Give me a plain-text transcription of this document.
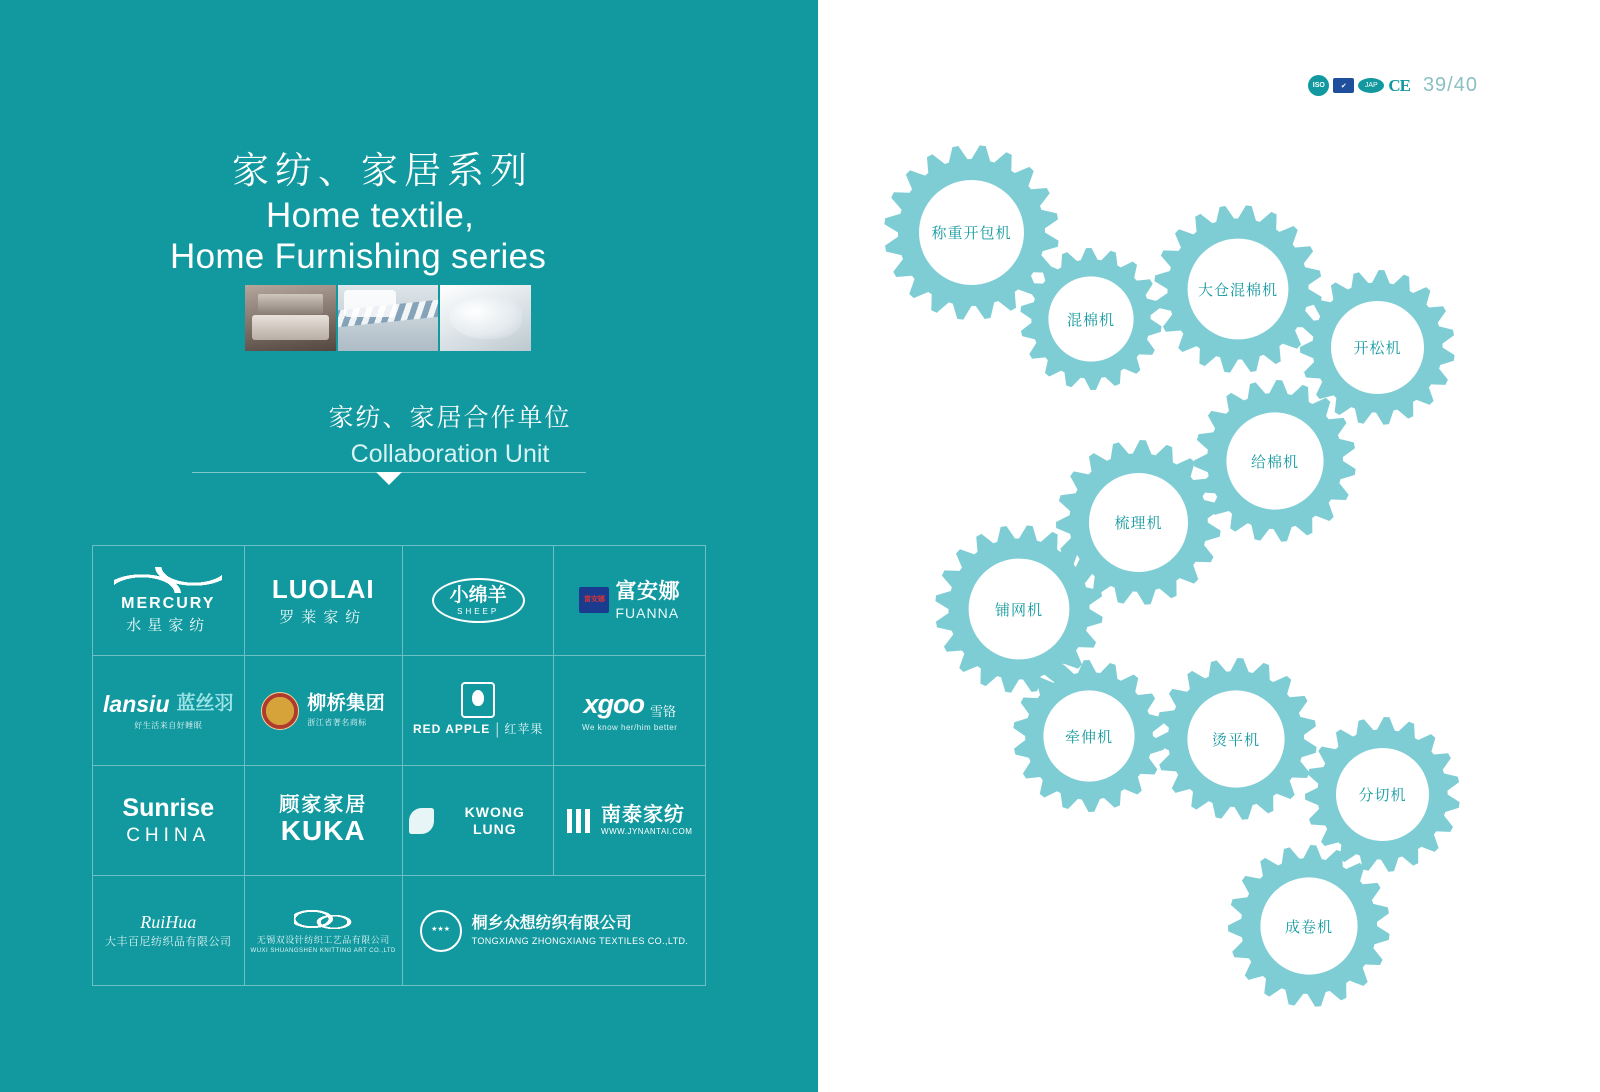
家纺、家居系列
Home textile,
Home Furnishing series
家纺、家居合作单位
Collaboration Unit
MERCURY
水星家纺
LUOLAI
罗莱家纺
小绵羊
SHEEP
富安娜 富安娜
FUANNA
lansiu 蓝丝羽
好生活来自好睡眠
柳桥集团
浙江省著名商标	RED APPLE | 红苹果
xgoo 雪铬
We know her/him better
Sunrise
CHINA
顾家家居
KUKA
KWONG LUNG
南泰家纺
WWW.JYNANTAI.COM
RuiHua
大丰百尼纺织品有限公司	无锡双设针纺织工艺品有限公司
WUXI SHUANGSHEN KNITTING ART CO.,LTD
★★★	桐乡众想纺织有限公司
TONGXIANG ZHONGXIANG TEXTILES CO.,LTD.
ISO	✔	JAP CE 39/40
称重开包机
混棉机
大仓混棉机
开松机
给棉机
梳理机
铺网机
牵伸机	烫平机
分切机
成卷机
